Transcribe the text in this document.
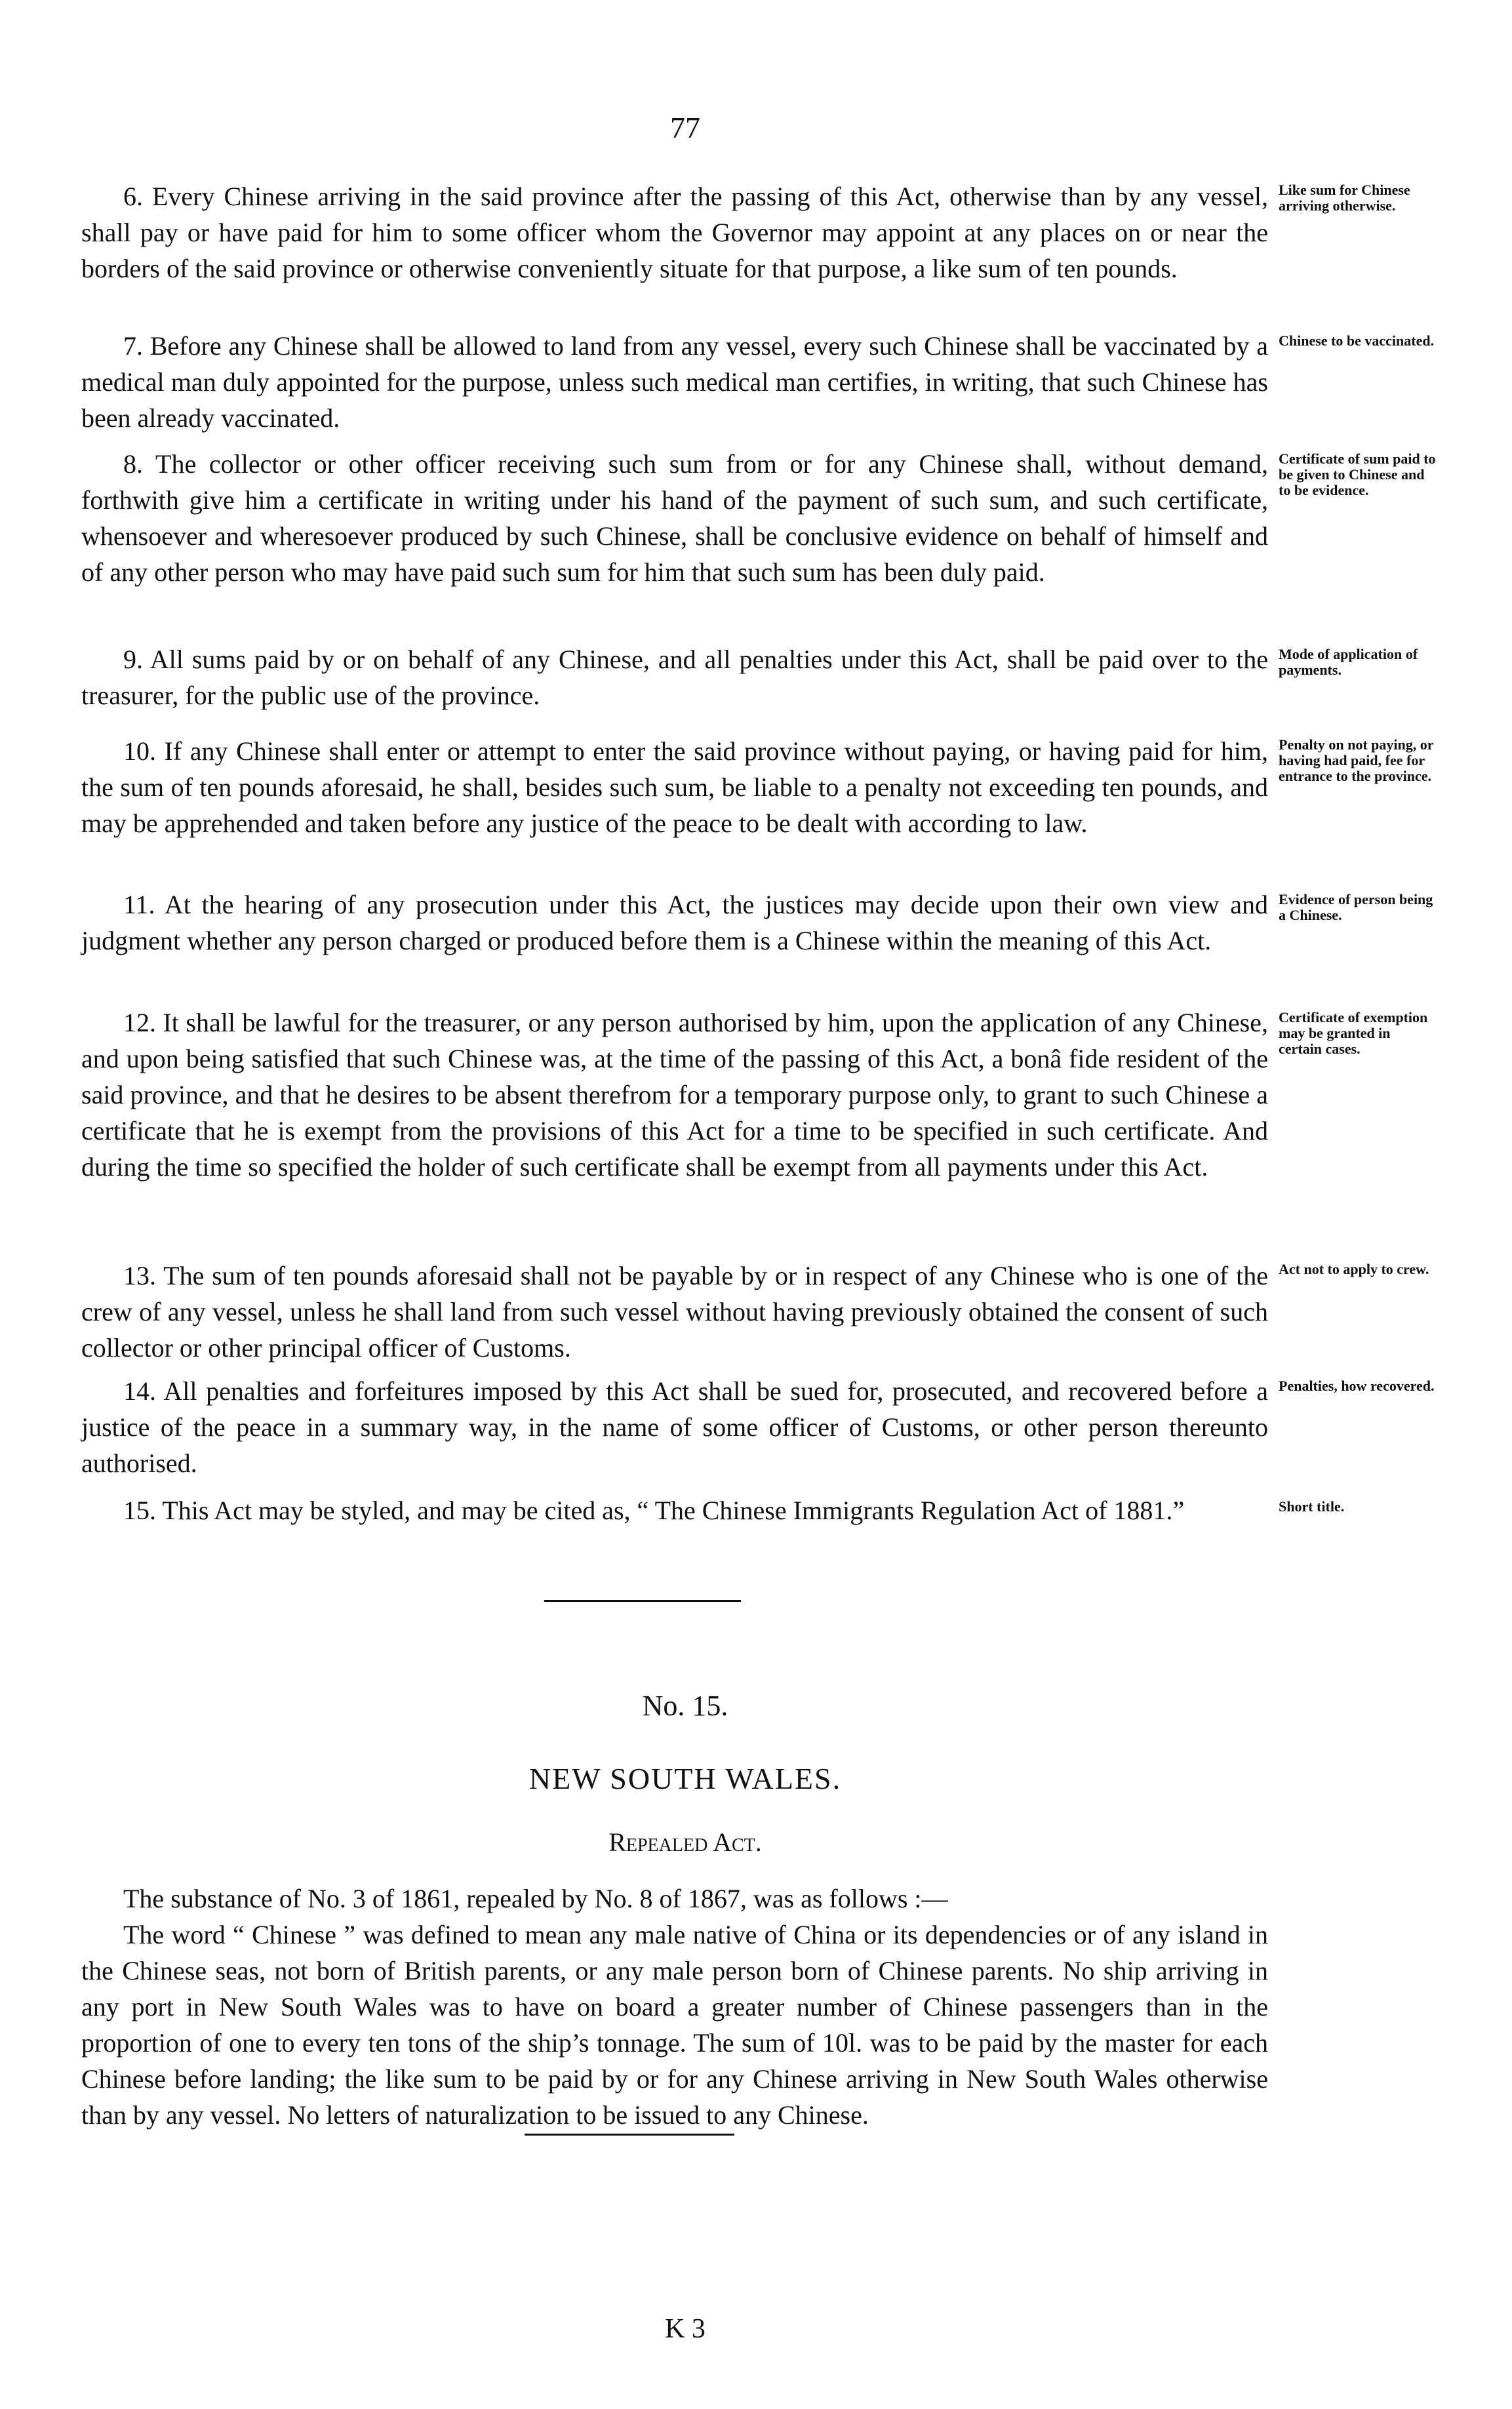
77

6. Every Chinese arriving in the said province after the passing of this Act, otherwise than by any vessel, shall pay or have paid for him to some officer whom the Governor may appoint at any places on or near the borders of the said province or otherwise conveniently situate for that purpose, a like sum of ten pounds.

Like sum for Chinese arriving otherwise.

7. Before any Chinese shall be allowed to land from any vessel, every such Chinese shall be vaccinated by a medical man duly appointed for the purpose, unless such medical man certifies, in writing, that such Chinese has been already vaccinated.

Chinese to be vaccinated.

8. The collector or other officer receiving such sum from or for any Chinese shall, without demand, forthwith give him a certificate in writing under his hand of the payment of such sum, and such certificate, whensoever and wheresoever produced by such Chinese, shall be conclusive evidence on behalf of himself and of any other person who may have paid such sum for him that such sum has been duly paid.

Certificate of sum paid to be given to Chinese and to be evidence.

9. All sums paid by or on behalf of any Chinese, and all penalties under this Act, shall be paid over to the treasurer, for the public use of the province.

Mode of application of payments.

10. If any Chinese shall enter or attempt to enter the said province without paying, or having paid for him, the sum of ten pounds aforesaid, he shall, besides such sum, be liable to a penalty not exceeding ten pounds, and may be apprehended and taken before any justice of the peace to be dealt with according to law.

Penalty on not paying, or having had paid, fee for entrance to the province.

11. At the hearing of any prosecution under this Act, the justices may decide upon their own view and judgment whether any person charged or produced before them is a Chinese within the meaning of this Act.

Evidence of person being a Chinese.

12. It shall be lawful for the treasurer, or any person authorised by him, upon the application of any Chinese, and upon being satisfied that such Chinese was, at the time of the passing of this Act, a bonâ fide resident of the said province, and that he desires to be absent therefrom for a temporary purpose only, to grant to such Chinese a certificate that he is exempt from the provisions of this Act for a time to be specified in such certificate. And during the time so specified the holder of such certificate shall be exempt from all payments under this Act.

Certificate of exemption may be granted in certain cases.

13. The sum of ten pounds aforesaid shall not be payable by or in respect of any Chinese who is one of the crew of any vessel, unless he shall land from such vessel without having previously obtained the consent of such collector or other principal officer of Customs.

Act not to apply to crew.

14. All penalties and forfeitures imposed by this Act shall be sued for, prosecuted, and recovered before a justice of the peace in a summary way, in the name of some officer of Customs, or other person thereunto authorised.

Penalties, how recovered.

15. This Act may be styled, and may be cited as, “ The Chinese Immigrants Regulation Act of 1881.”	Short title.
No. 15.
NEW SOUTH WALES.
Repealed Act.

The substance of No. 3 of 1861, repealed by No. 8 of 1867, was as follows :—

The word “ Chinese ” was defined to mean any male native of China or its dependencies or of any island in the Chinese seas, not born of British parents, or any male person born of Chinese parents. No ship arriving in any port in New South Wales was to have on board a greater number of Chinese passengers than in the proportion of one to every ten tons of the ship’s tonnage. The sum of 10l. was to be paid by the master for each Chinese before landing; the like sum to be paid by or for any Chinese arriving in New South Wales otherwise than by any vessel. No letters of naturalization to be issued to any Chinese.

K 3
